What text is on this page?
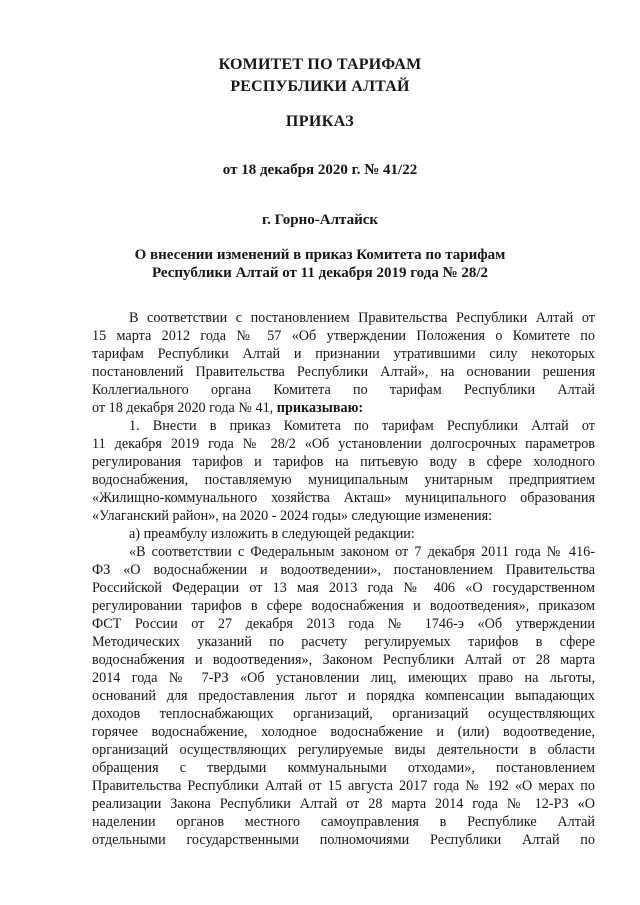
КОМИТЕТ ПО ТАРИФАМ
РЕСПУБЛИКИ АЛТАЙ
ПРИКАЗ
от 18 декабря 2020 г. № 41/22
г. Горно-Алтайск
О внесении изменений в приказ Комитета по тарифам
Республики Алтай от 11 декабря 2019 года № 28/2
В соответствии с постановлением Правительства Республики Алтай от
15 марта 2012 года № 57 «Об утверждении Положения о Комитете по
тарифам Республики Алтай и признании утратившими силу некоторых
постановлений Правительства Республики Алтай», на основании решения
Коллегиального органа Комитета по тарифам Республики Алтай
от 18 декабря 2020 года № 41, приказываю:
1. Внести в приказ Комитета по тарифам Республики Алтай от
11 декабря 2019 года № 28/2 «Об установлении долгосрочных параметров
регулирования тарифов и тарифов на питьевую воду в сфере холодного
водоснабжения, поставляемую муниципальным унитарным предприятием
«Жилищно-коммунального хозяйства Акташ» муниципального образования
«Улаганский район», на 2020 - 2024 годы» следующие изменения:
а) преамбулу изложить в следующей редакции:
«В соответствии с Федеральным законом от 7 декабря 2011 года № 416-
ФЗ «О водоснабжении и водоотведении», постановлением Правительства
Российской Федерации от 13 мая 2013 года № 406 «О государственном
регулировании тарифов в сфере водоснабжения и водоотведения», приказом
ФСТ России от 27 декабря 2013 года № 1746-э «Об утверждении
Методических указаний по расчету регулируемых тарифов в сфере
водоснабжения и водоотведения», Законом Республики Алтай от 28 марта
2014 года № 7-РЗ «Об установлении лиц, имеющих право на льготы,
оснований для предоставления льгот и порядка компенсации выпадающих
доходов теплоснабжающих организаций, организаций осуществляющих
горячее водоснабжение, холодное водоснабжение и (или) водоотведение,
организаций осуществляющих регулируемые виды деятельности в области
обращения с твердыми коммунальными отходами», постановлением
Правительства Республики Алтай от 15 августа 2017 года № 192 «О мерах по
реализации Закона Республики Алтай от 28 марта 2014 года № 12-РЗ «О
наделении органов местного самоуправления в Республике Алтай
отдельными государственными полномочиями Республики Алтай по
